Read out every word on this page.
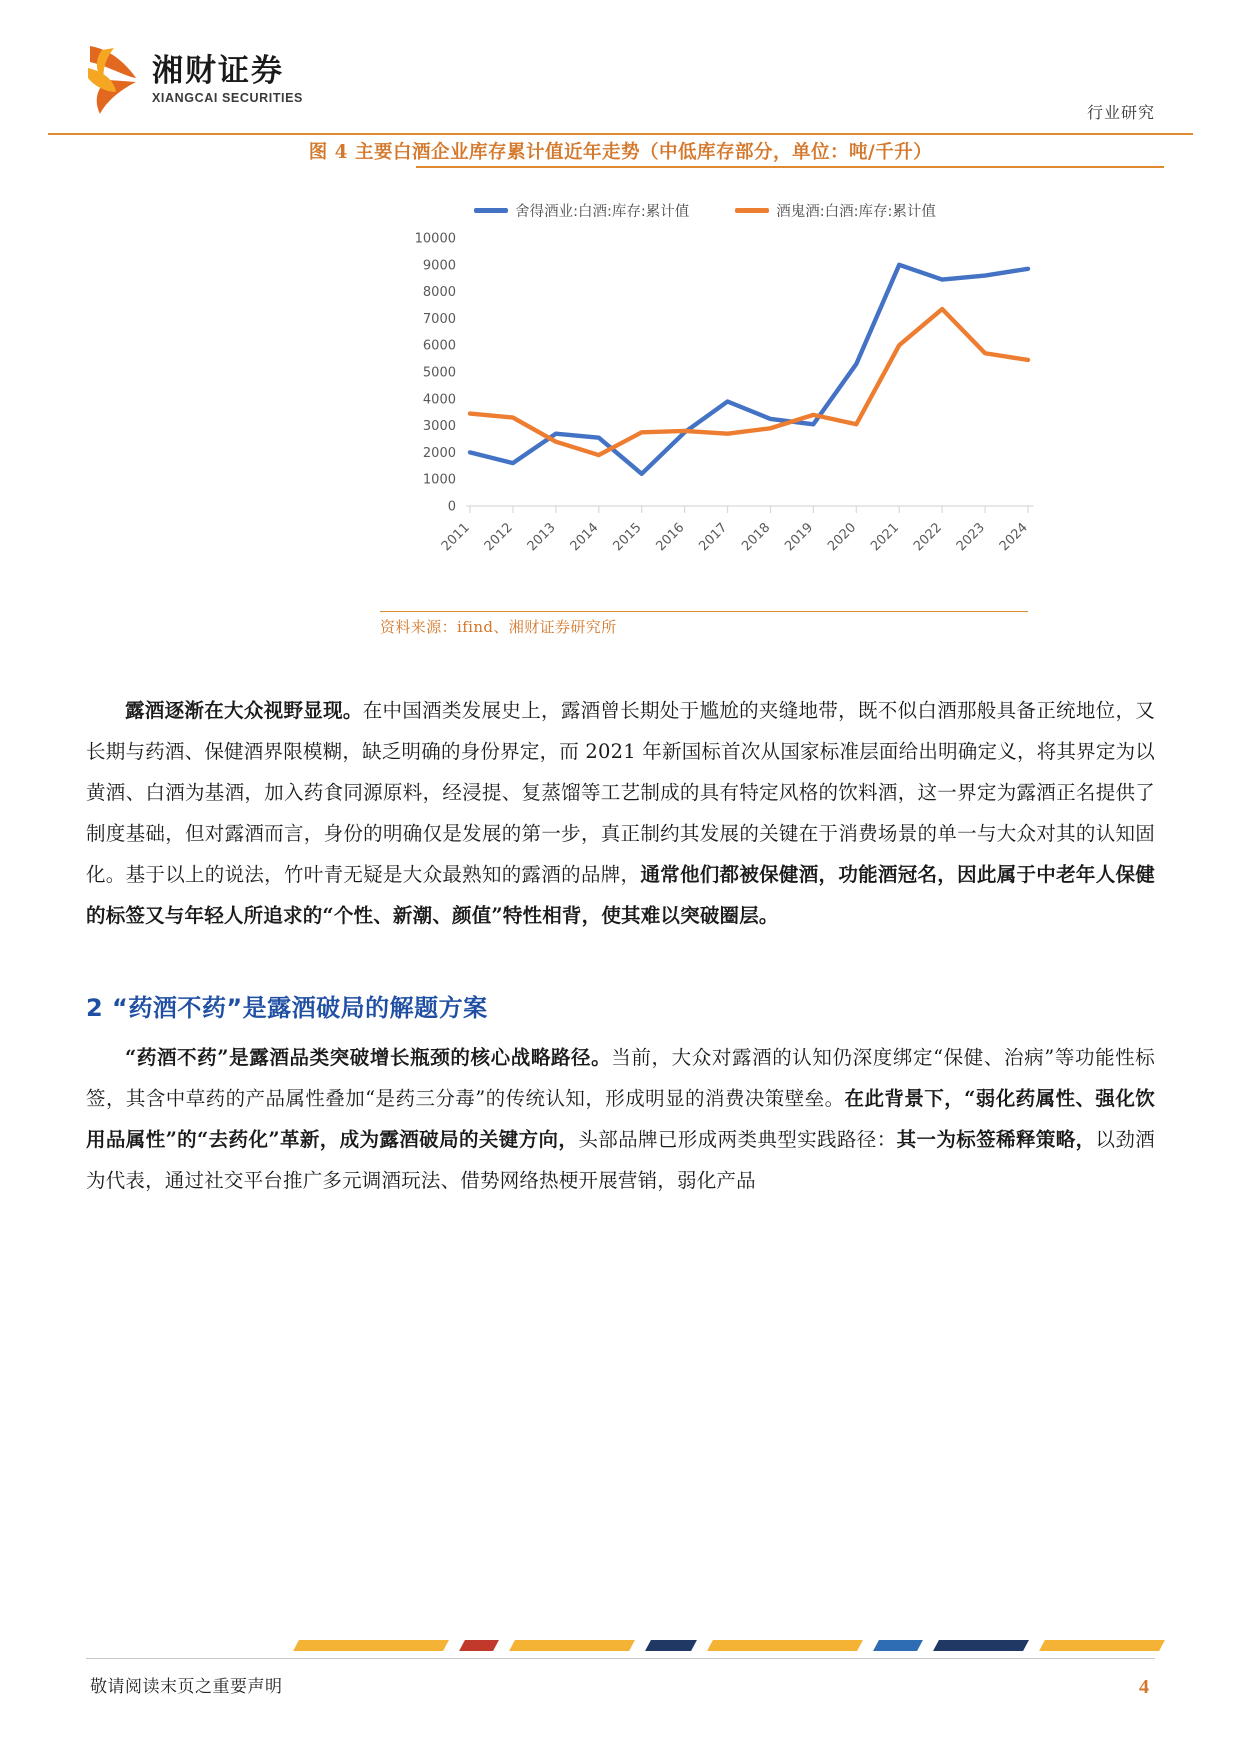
湘财证券
XIANGCAI SECURITIES
行业研究
图 4 主要白酒企业库存累计值近年走势（中低库存部分，单位：吨/千升）
舍得酒业:白酒:库存:累计值	酒鬼酒:白酒:库存:累计值
0
1000
2000
3000
4000
5000
6000
7000
8000
9000
10000
2011 2012 2013 2014 2015 2016 2017 2018 2019 2020 2021 2022 2023 2024
资料来源：ifind、湘财证券研究所

露酒逐渐在大众视野显现。在中国酒类发展史上，露酒曾长期处于尴尬的夹缝地带，既不似白酒那般具备正统地位，又长期与药酒、保健酒界限模糊，缺乏明确的身份界定，而 2021 年新国标首次从国家标准层面给出明确定义，将其界定为以黄酒、白酒为基酒，加入药食同源原料，经浸提、复蒸馏等工艺制成的具有特定风格的饮料酒，这一界定为露酒正名提供了制度基础，但对露酒而言，身份的明确仅是发展的第一步，真正制约其发展的关键在于消费场景的单一与大众对其的认知固化。基于以上的说法，竹叶青无疑是大众最熟知的露酒的品牌，通常他们都被保健酒，功能酒冠名，因此属于中老年人保健的标签又与年轻人所追求的“个性、新潮、颜值”特性相背，使其难以突破圈层。

2 “药酒不药”是露酒破局的解题方案

“药酒不药”是露酒品类突破增长瓶颈的核心战略路径。当前，大众对露酒的认知仍深度绑定“保健、治病”等功能性标签，其含中草药的产品属性叠加“是药三分毒”的传统认知，形成明显的消费决策壁垒。在此背景下，“弱化药属性、强化饮用品属性”的“去药化”革新，成为露酒破局的关键方向，头部品牌已形成两类典型实践路径：其一为标签稀释策略，以劲酒为代表，通过社交平台推广多元调酒玩法、借势网络热梗开展营销，弱化产品

敬请阅读末页之重要声明	4
